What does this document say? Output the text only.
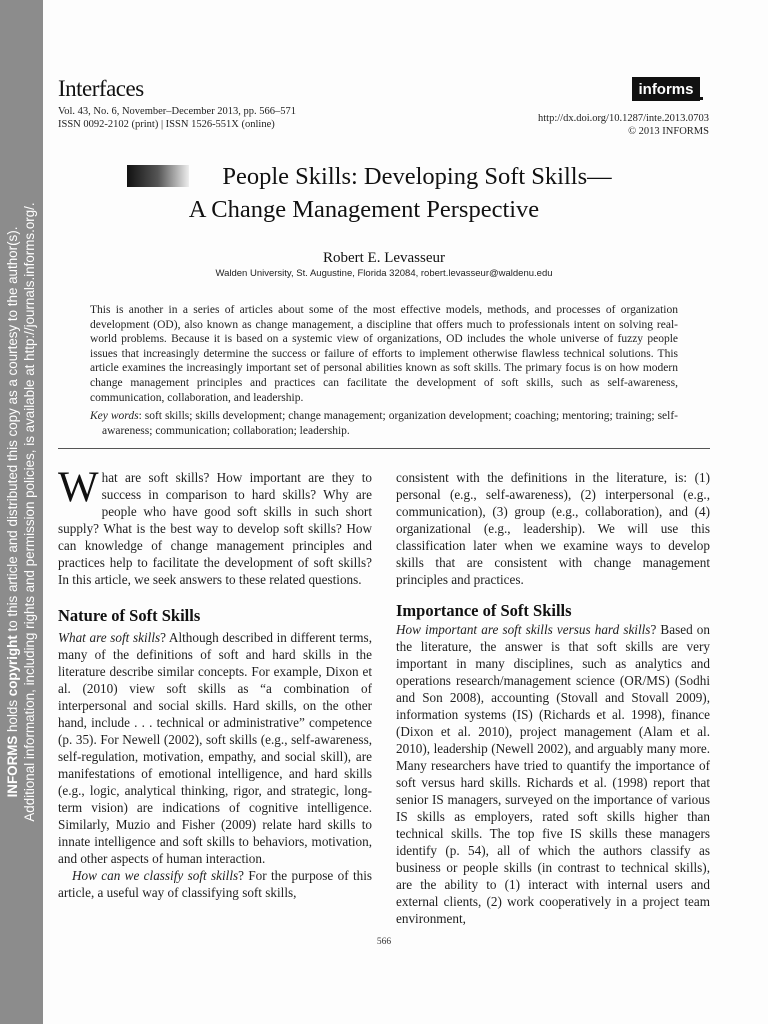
INFORMS holds copyright to this article and distributed this copy as a courtesy to the author(s). Additional information, including rights and permission policies, is available at http://journals.informs.org/.
Interfaces
Vol. 43, No. 6, November–December 2013, pp. 566–571
ISSN 0092-2102 (print) | ISSN 1526-551X (online)
informs
http://dx.doi.org/10.1287/inte.2013.0703
© 2013 INFORMS
People Skills: Developing Soft Skills—
A Change Management Perspective
Robert E. Levasseur
Walden University, St. Augustine, Florida 32084, robert.levasseur@waldenu.edu

This is another in a series of articles about some of the most effective models, methods, and processes of organization development (OD), also known as change management, a discipline that offers much to professionals intent on solving real-world problems. Because it is based on a systemic view of organizations, OD includes the whole universe of fuzzy people issues that increasingly determine the success or failure of efforts to implement otherwise flawless technical solutions. This article examines the increasingly important set of personal abilities known as soft skills. The primary focus is on how modern change management principles and practices can facilitate the development of soft skills, such as self-awareness, communication, collaboration, and leadership.

Key words: soft skills; skills development; change management; organization development; coaching; mentoring; training; self-awareness; communication; collaboration; leadership.

What are soft skills? How important are they to success in comparison to hard skills? Why are people who have good soft skills in such short supply? What is the best way to develop soft skills? How can knowledge of change management principles and practices help to facilitate the development of soft skills? In this article, we seek answers to these related questions.

Nature of Soft Skills

What are soft skills? Although described in different terms, many of the definitions of soft and hard skills in the literature describe similar concepts. For example, Dixon et al. (2010) view soft skills as “a combination of interpersonal and social skills. Hard skills, on the other hand, include . . . technical or administrative” competence (p. 35). For Newell (2002), soft skills (e.g., self-awareness, self-regulation, motivation, empathy, and social skill), are manifestations of emotional intelligence, and hard skills (e.g., logic, analytical thinking, rigor, and strategic, long-term vision) are indications of cognitive intelligence. Similarly, Muzio and Fisher (2009) relate hard skills to innate intelligence and soft skills to behaviors, motivation, and other aspects of human interaction.

How can we classify soft skills? For the purpose of this article, a useful way of classifying soft skills,

consistent with the definitions in the literature, is: (1) personal (e.g., self-awareness), (2) interpersonal (e.g., communication), (3) group (e.g., collaboration), and (4) organizational (e.g., leadership). We will use this classification later when we examine ways to develop skills that are consistent with change management principles and practices.

Importance of Soft Skills

How important are soft skills versus hard skills? Based on the literature, the answer is that soft skills are very important in many disciplines, such as analytics and operations research/management science (OR/MS) (Sodhi and Son 2008), accounting (Stovall and Stovall 2009), information systems (IS) (Richards et al. 1998), finance (Dixon et al. 2010), project management (Alam et al. 2010), leadership (Newell 2002), and arguably many more. Many researchers have tried to quantify the importance of soft versus hard skills. Richards et al. (1998) report that senior IS managers, surveyed on the importance of various IS skills as employers, rated soft skills higher than technical skills. The top five IS skills these managers identify (p. 54), all of which the authors classify as business or people skills (in contrast to technical skills), are the ability to (1) interact with internal users and external clients, (2) work cooperatively in a project team environment,

566
